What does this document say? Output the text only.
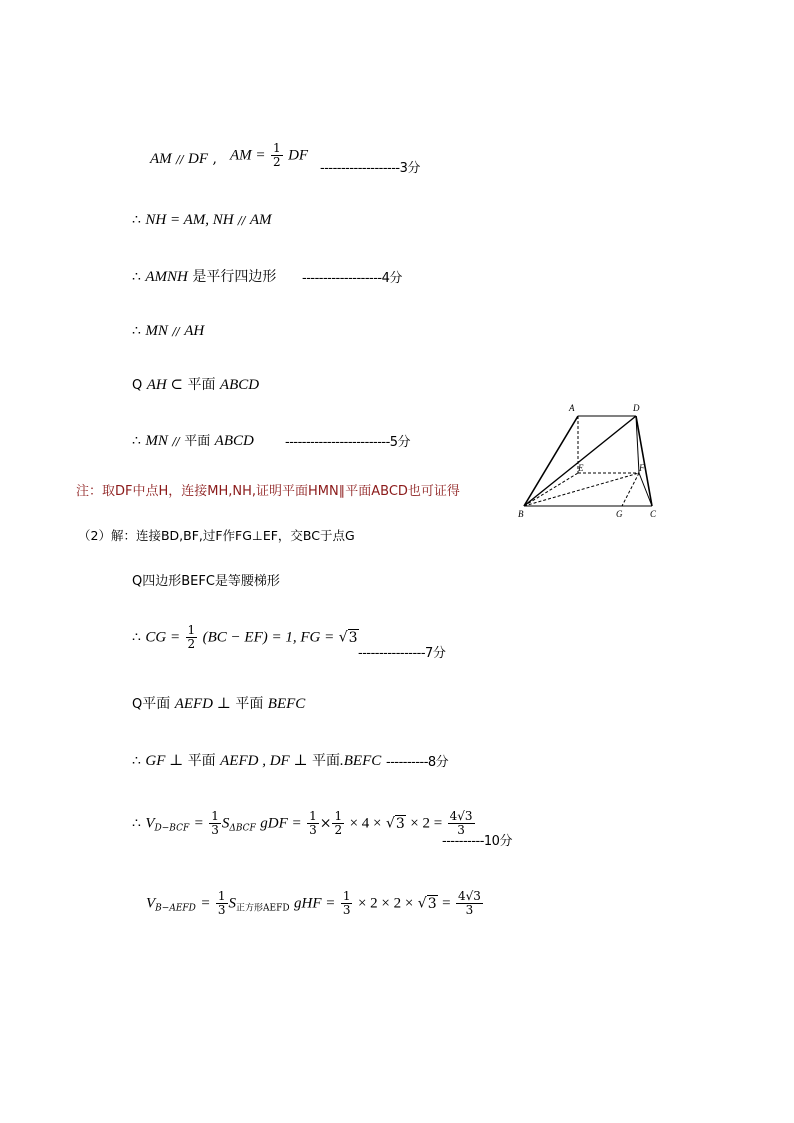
AM // DF , AM = $\frac{1}{2}$ DF
-------------------3分
∴ NH = AM, NH // AM
∴ AMNH 是平行四边形 -------------------4分
∴ MN // AH
Q AH ⊂ 平面 ABCD
∴ MN // 平面 ABCD -------------------------5分
注：取DF中点H，连接MH,NH,证明平面HMN∥平面ABCD也可证得
（2）解：连接BD,BF,过F作FG⊥EF，交BC于点G
Q四边形BEFC是等腰梯形
∴ CG = $\frac{1}{2} (BC - EF) = 1$, FG = √3
----------------7分
Q平面 AEFD ⊥ 平面 BEFC
∴ GF ⊥ 平面 AEFD , DF ⊥ 平面.BEFC ----------8分
∴ $V_{D-BCF} = \frac{1}{3} S_{\Delta BCF}$ gDF = $\frac{1}{3} \times \frac{1}{2} \times 4 \times √3 \times 2 = \frac{4√3}{3}$
----------10分
$V_{B-AEFD} = \frac{1}{3} S_{正方形AEFD}$ gHF = $\frac{1}{3} \times 2 \times 2 \times √3 = \frac{4√3}{3}$
A	D
E	F
B	G	C
